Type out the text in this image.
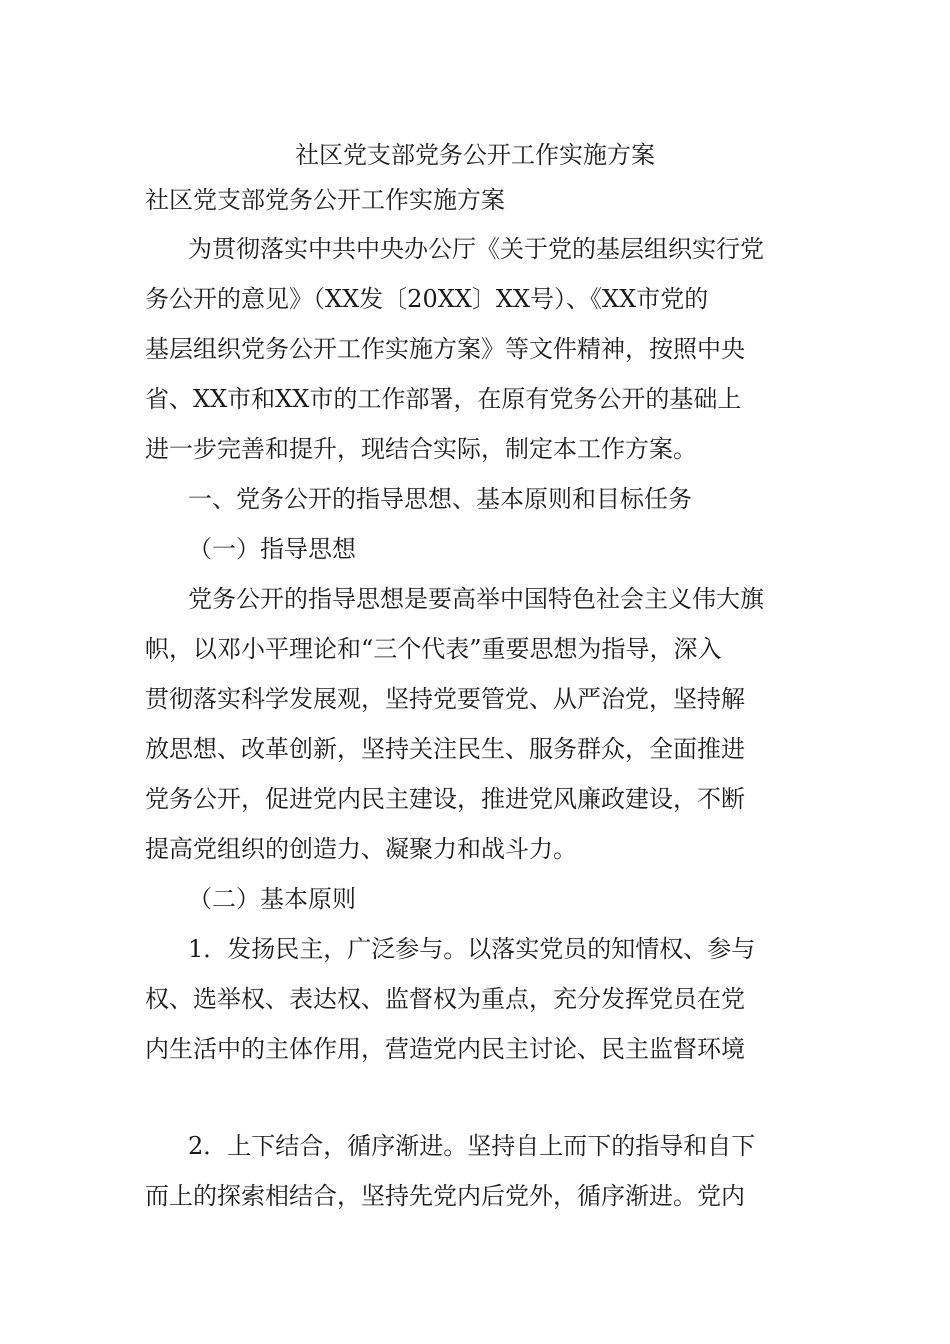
社区党支部党务公开工作实施方案
社区党支部党务公开工作实施方案
为贯彻落实中共中央办公厅《关于党的基层组织实行党
务公开的意见》（XX发〔20XX〕XX号）、《XX市党的
基层组织党务公开工作实施方案》等文件精神，按照中央
省、XX市和XX市的工作部署，在原有党务公开的基础上
进一步完善和提升，现结合实际，制定本工作方案。
一、党务公开的指导思想、基本原则和目标任务
（一）指导思想
党务公开的指导思想是要高举中国特色社会主义伟大旗
帜，以邓小平理论和“三个代表”重要思想为指导，深入
贯彻落实科学发展观，坚持党要管党、从严治党，坚持解
放思想、改革创新，坚持关注民生、服务群众，全面推进
党务公开，促进党内民主建设，推进党风廉政建设，不断
提高党组织的创造力、凝聚力和战斗力。
（二）基本原则
1．发扬民主，广泛参与。以落实党员的知情权、参与
权、选举权、表达权、监督权为重点，充分发挥党员在党
内生活中的主体作用，营造党内民主讨论、民主监督环境
2．上下结合，循序渐进。坚持自上而下的指导和自下
而上的探索相结合，坚持先党内后党外，循序渐进。党内
